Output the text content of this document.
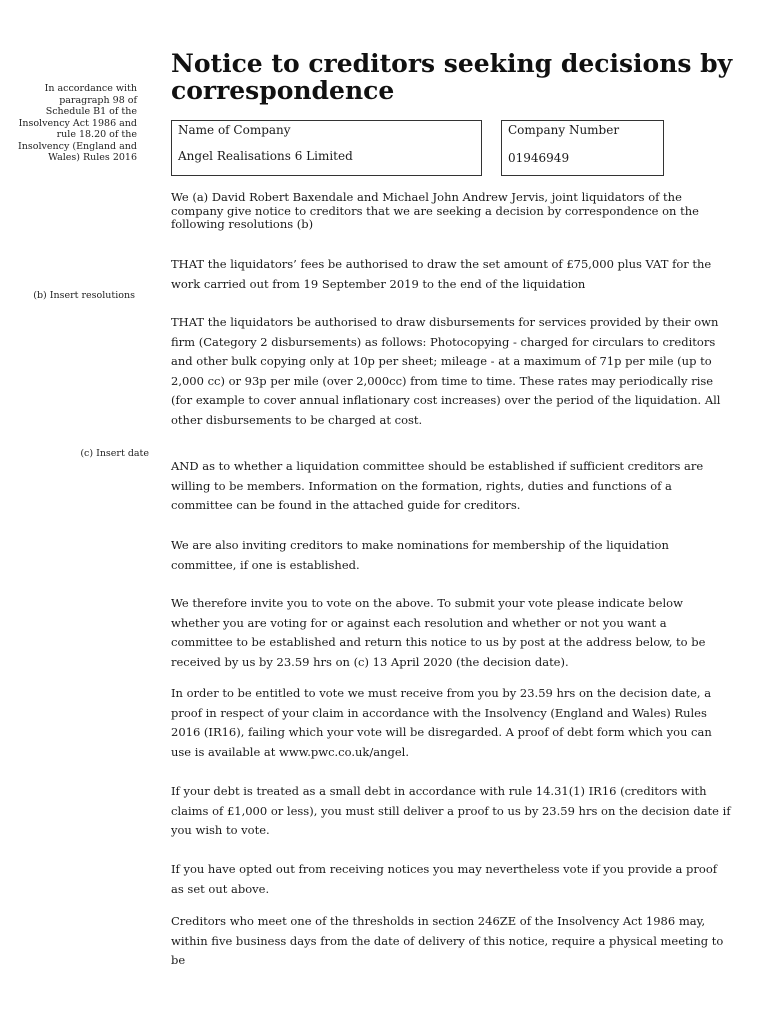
In accordance with paragraph 98 of Schedule B1 of the Insolvency Act 1986 and rule 18.20 of the Insolvency (England and Wales) Rules 2016
(b) Insert resolutions
(c) Insert date
Notice to creditors seeking decisions by correspondence
Name of Company
Angel Realisations 6 Limited
Company Number
01946949
We (a) David Robert Baxendale and Michael John Andrew Jervis, joint liquidators of the company give notice to creditors that we are seeking a decision by correspondence on the following resolutions (b)
THAT the liquidators’ fees be authorised to draw the set amount of £75,000 plus VAT for the work carried out from 19 September 2019 to the end of the liquidation
THAT the liquidators be authorised to draw disbursements for services provided by their own firm (Category 2 disbursements) as follows: Photocopying - charged for circulars to creditors and other bulk copying only at 10p per sheet; mileage - at a maximum of 71p per mile (up to 2,000 cc) or 93p per mile (over 2,000cc) from time to time. These rates may periodically rise (for example to cover annual inflationary cost increases) over the period of the liquidation. All other disbursements to be charged at cost.
AND as to whether a liquidation committee should be established if sufficient creditors are willing to be members. Information on the formation, rights, duties and functions of a committee can be found in the attached guide for creditors.
We are also inviting creditors to make nominations for membership of the liquidation committee, if one is established.
We therefore invite you to vote on the above. To submit your vote please indicate below whether you are voting for or against each resolution and whether or not you want a committee to be established and return this notice to us by post at the address below, to be received by us by 23.59 hrs on (c) 13 April 2020 (the decision date).
In order to be entitled to vote we must receive from you by 23.59 hrs on the decision date, a proof in respect of your claim in accordance with the Insolvency (England and Wales) Rules 2016 (IR16), failing which your vote will be disregarded. A proof of debt form which you can use is available at www.pwc.co.uk/angel.
If your debt is treated as a small debt in accordance with rule 14.31(1) IR16 (creditors with claims of £1,000 or less), you must still deliver a proof to us by 23.59 hrs on the decision date if you wish to vote.
If you have opted out from receiving notices you may nevertheless vote if you provide a proof as set out above.
Creditors who meet one of the thresholds in section 246ZE of the Insolvency Act 1986 may, within five business days from the date of delivery of this notice, require a physical meeting to be
